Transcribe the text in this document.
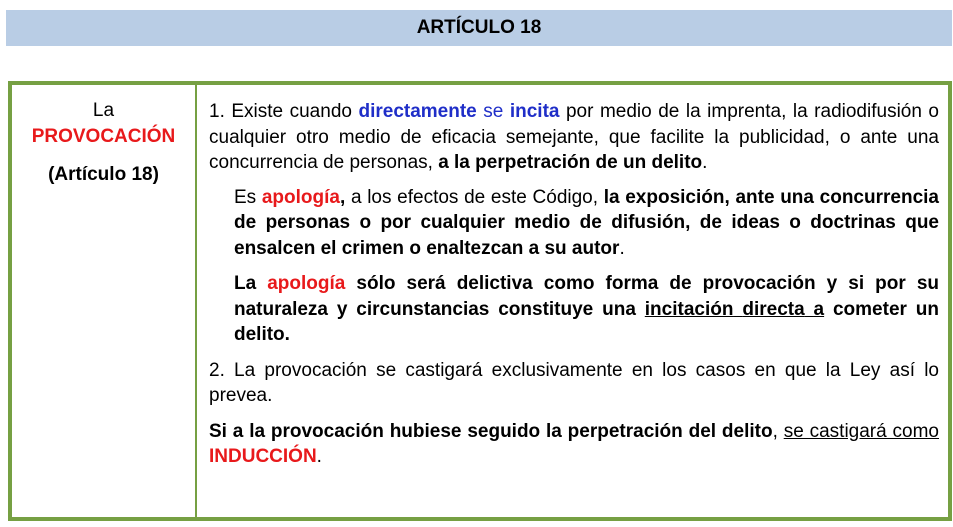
ARTÍCULO 18
La
PROVOCACIÓN
(Artículo 18)

1. Existe cuando directamente se incita por medio de la imprenta, la radiodifusión o cualquier otro medio de eficacia semejante, que facilite la publicidad, o ante una concurrencia de personas, a la perpetración de un delito.

Es apología, a los efectos de este Código, la exposición, ante una concurrencia de personas o por cualquier medio de difusión, de ideas o doctrinas que ensalcen el crimen o enaltezcan a su autor.

La apología sólo será delictiva como forma de provocación y si por su naturaleza y circunstancias constituye una incitación directa a cometer un delito.

2. La provocación se castigará exclusivamente en los casos en que la Ley así lo prevea.

Si a la provocación hubiese seguido la perpetración del delito, se castigará como INDUCCIÓN.
